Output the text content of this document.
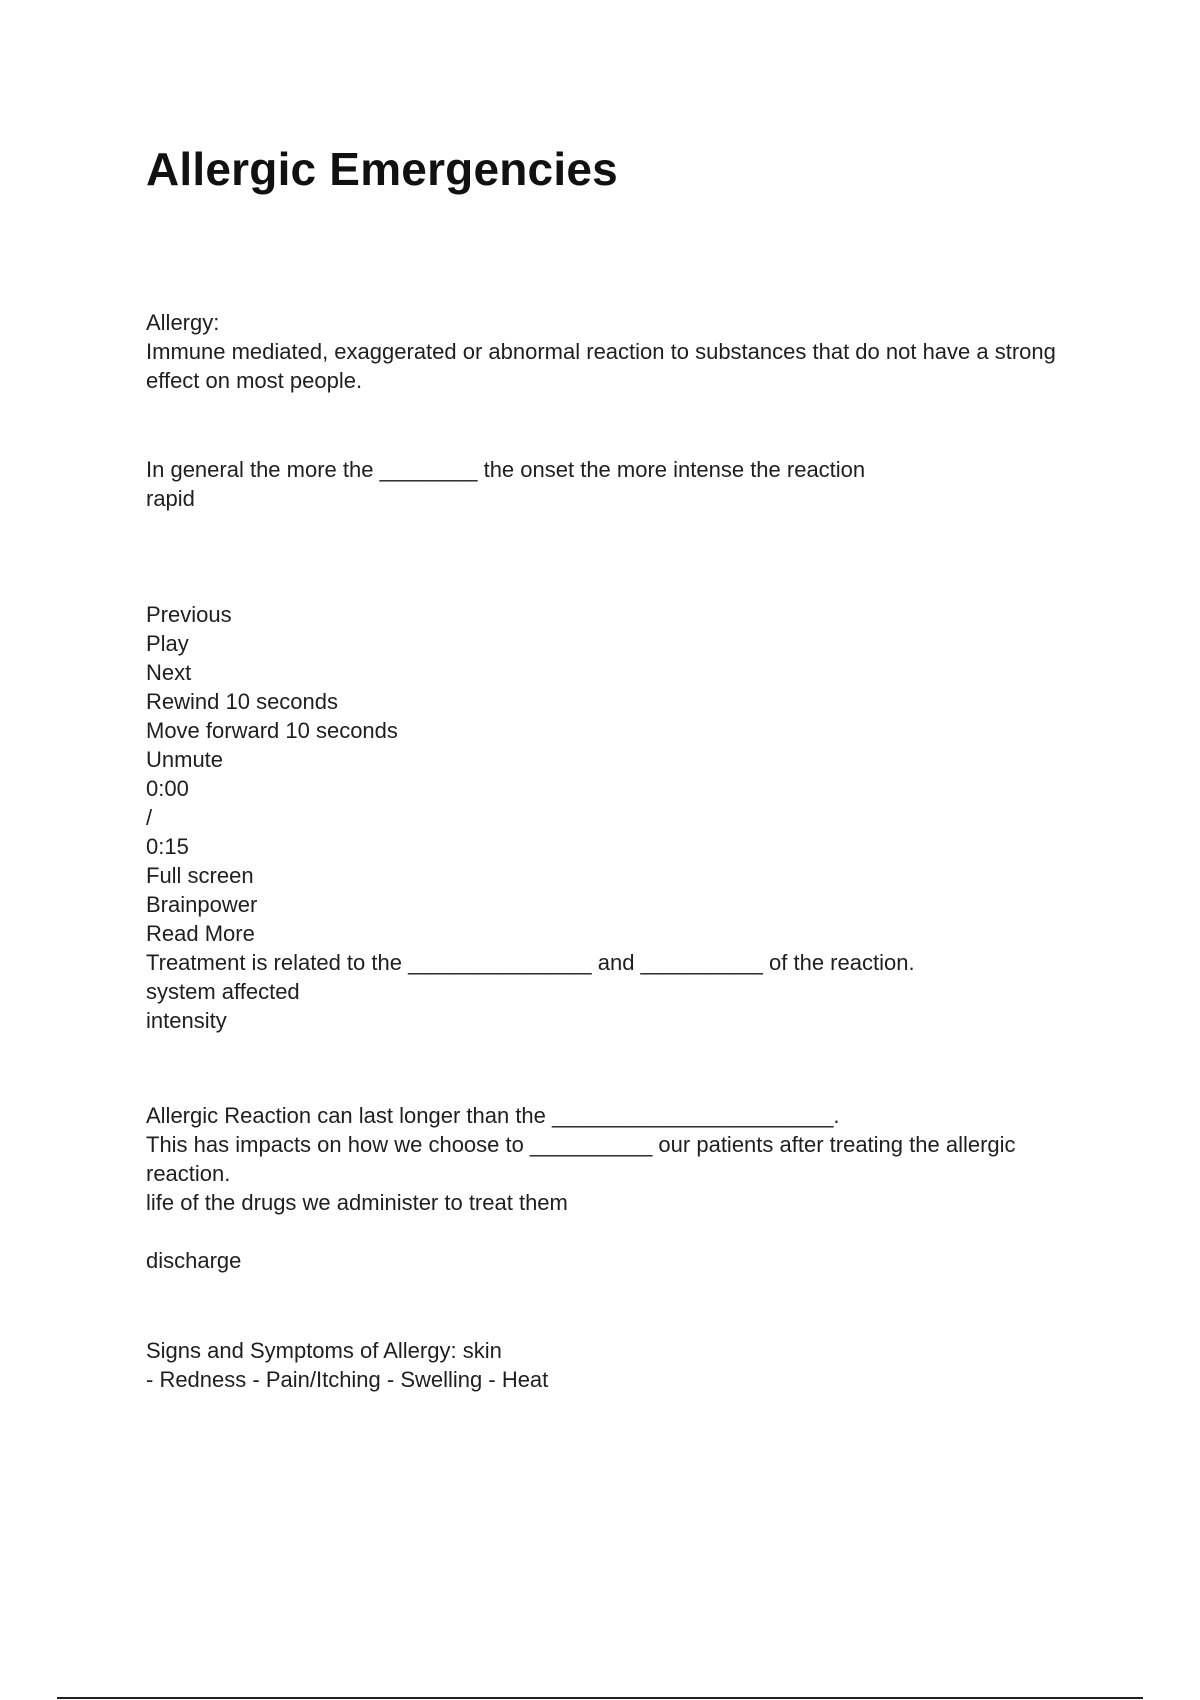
Allergic Emergencies
Allergy:
Immune mediated, exaggerated or abnormal reaction to substances that do not have a strong effect on most people.
In general the more the ________ the onset the more intense the reaction
rapid
Previous
Play
Next
Rewind 10 seconds
Move forward 10 seconds
Unmute
0:00
/
0:15
Full screen
Brainpower
Read More
Treatment is related to the _______________ and __________ of the reaction.
system affected
intensity
Allergic Reaction can last longer than the _______________________.
This has impacts on how we choose to __________ our patients after treating the allergic reaction.
life of the drugs we administer to treat them

discharge
Signs and Symptoms of Allergy: skin
- Redness - Pain/Itching - Swelling - Heat
